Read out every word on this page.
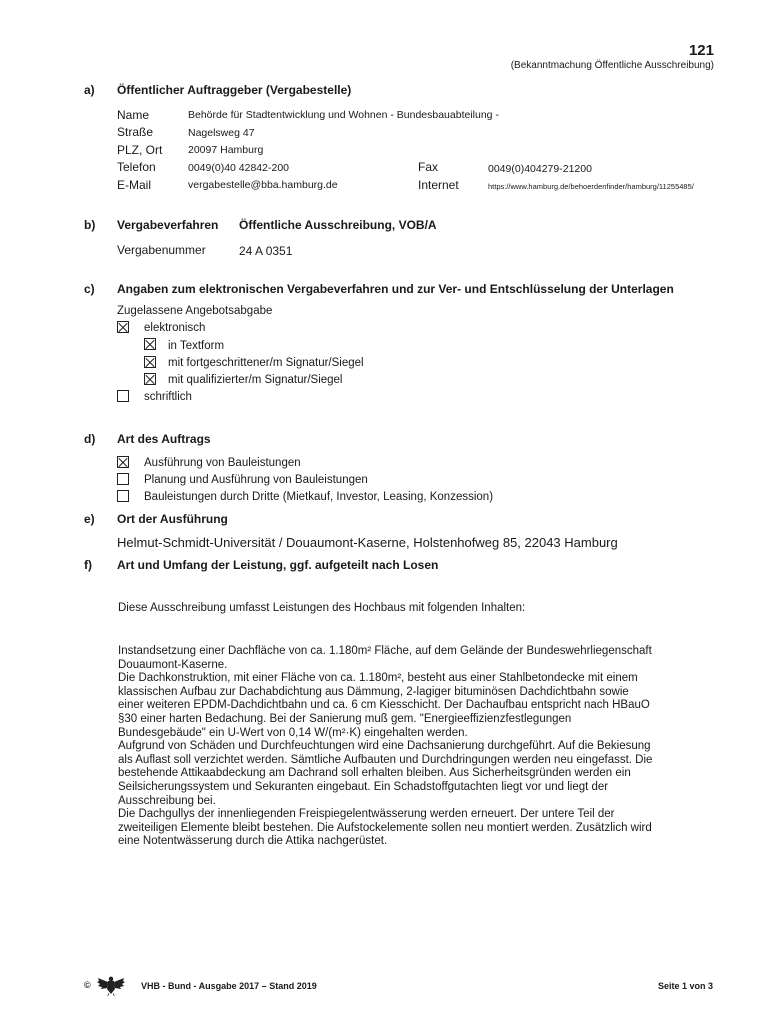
121
(Bekanntmachung Öffentliche Ausschreibung)
a) Öffentlicher Auftraggeber (Vergabestelle)
Name	Behörde für Stadtentwicklung und Wohnen - Bundesbauabteilung -
Straße	Nagelsweg 47
PLZ, Ort 20097 Hamburg
Telefon	0049(0)40 42842-200	Fax	0049(0)404279-21200
E-Mail	vergabestelle@bba.hamburg.de	Internet	https://www.hamburg.de/behoerdenfinder/hamburg/11255485/
b) Vergabeverfahren Öffentliche Ausschreibung, VOB/A
Vergabenummer	24 A 0351
c) Angaben zum elektronischen Vergabeverfahren und zur Ver- und Entschlüsselung der Unterlagen
Zugelassene Angebotsabgabe
elektronisch
in Textform
mit fortgeschrittener/m Signatur/Siegel
mit qualifizierter/m Signatur/Siegel
schriftlich
d) Art des Auftrags
Ausführung von Bauleistungen
Planung und Ausführung von Bauleistungen
Bauleistungen durch Dritte (Mietkauf, Investor, Leasing, Konzession)
e) Ort der Ausführung
Helmut-Schmidt-Universität / Douaumont-Kaserne, Holstenhofweg 85, 22043 Hamburg
f) Art und Umfang der Leistung, ggf. aufgeteilt nach Losen
Diese Ausschreibung umfasst Leistungen des Hochbaus mit folgenden Inhalten:

Instandsetzung einer Dachfläche von ca. 1.180m² Fläche, auf dem Gelände der Bundeswehrliegenschaft

Douaumont-Kaserne.

Die Dachkonstruktion, mit einer Fläche von ca. 1.180m², besteht aus einer Stahlbetondecke mit einem

klassischen Aufbau zur Dachabdichtung aus Dämmung, 2-lagiger bituminösen Dachdichtbahn sowie

einer weiteren EPDM-Dachdichtbahn und ca. 6 cm Kiesschicht. Der Dachaufbau entspricht nach HBauO

§30 einer harten Bedachung. Bei der Sanierung muß gem. "Energieeffizienzfestlegungen

Bundesgebäude" ein U-Wert von 0,14 W/(m²·K) eingehalten werden.

Aufgrund von Schäden und Durchfeuchtungen wird eine Dachsanierung durchgeführt. Auf die Bekiesung

als Auflast soll verzichtet werden. Sämtliche Aufbauten und Durchdringungen werden neu eingefasst. Die

bestehende Attikaabdeckung am Dachrand soll erhalten bleiben. Aus Sicherheitsgründen werden ein

Seilsicherungssystem und Sekuranten eingebaut. Ein Schadstoffgutachten liegt vor und liegt der

Ausschreibung bei.

Die Dachgullys der innenliegenden Freispiegelentwässerung werden erneuert. Der untere Teil der

zweiteiligen Elemente bleibt bestehen. Die Aufstockelemente sollen neu montiert werden. Zusätzlich wird

eine Notentwässerung durch die Attika nachgerüstet.

©	VHB - Bund - Ausgabe 2017 – Stand 2019	Seite 1 von 3
